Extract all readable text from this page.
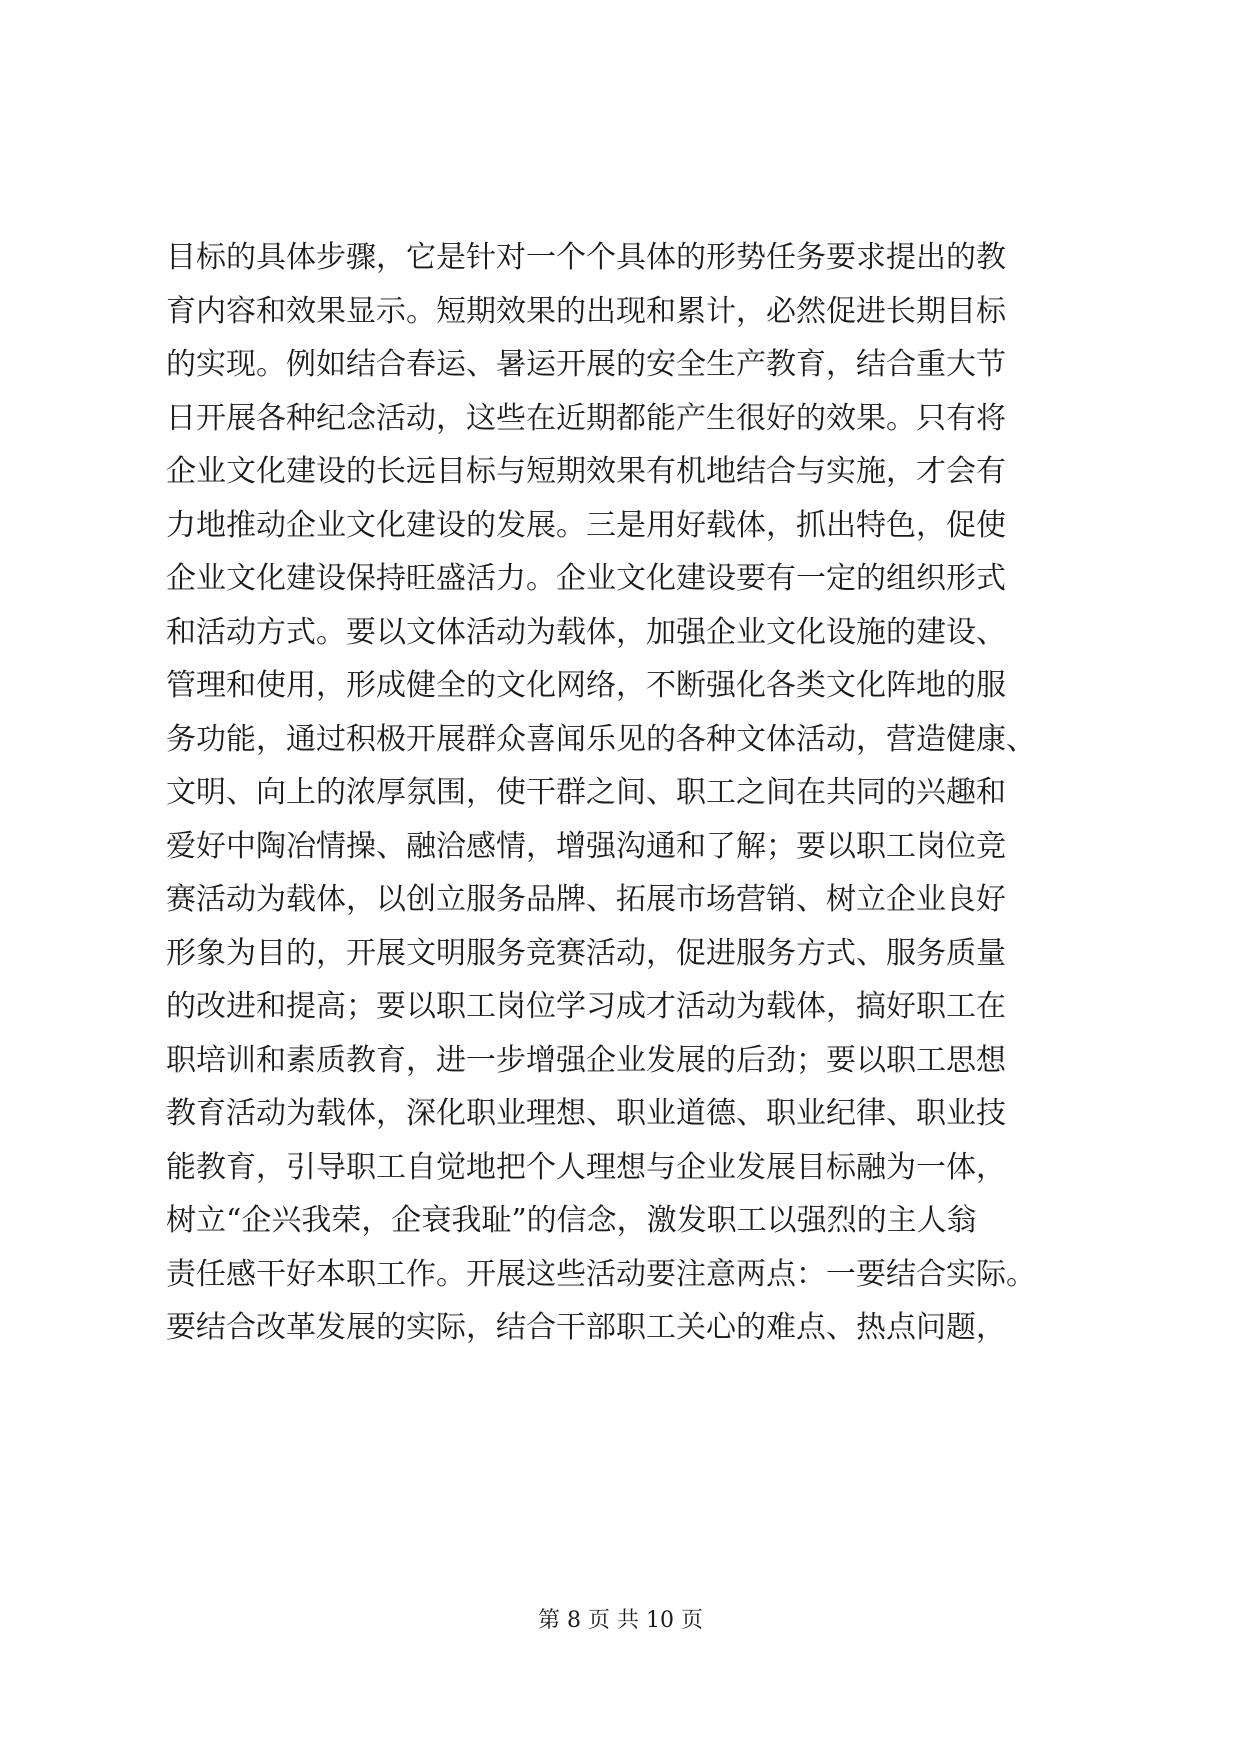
目标的具体步骤，它是针对一个个具体的形势任务要求提出的教
育内容和效果显示。短期效果的出现和累计，必然促进长期目标
的实现。例如结合春运、暑运开展的安全生产教育，结合重大节
日开展各种纪念活动，这些在近期都能产生很好的效果。只有将
企业文化建设的长远目标与短期效果有机地结合与实施，才会有
力地推动企业文化建设的发展。三是用好载体，抓出特色，促使
企业文化建设保持旺盛活力。企业文化建设要有一定的组织形式
和活动方式。要以文体活动为载体，加强企业文化设施的建设、
管理和使用，形成健全的文化网络，不断强化各类文化阵地的服
务功能，通过积极开展群众喜闻乐见的各种文体活动，营造健康、
文明、向上的浓厚氛围，使干群之间、职工之间在共同的兴趣和
爱好中陶冶情操、融洽感情，增强沟通和了解；要以职工岗位竞
赛活动为载体，以创立服务品牌、拓展市场营销、树立企业良好
形象为目的，开展文明服务竞赛活动，促进服务方式、服务质量
的改进和提高；要以职工岗位学习成才活动为载体，搞好职工在
职培训和素质教育，进一步增强企业发展的后劲；要以职工思想
教育活动为载体，深化职业理想、职业道德、职业纪律、职业技
能教育，引导职工自觉地把个人理想与企业发展目标融为一体，
树立“企兴我荣，企衰我耻”的信念，激发职工以强烈的主人翁
责任感干好本职工作。开展这些活动要注意两点：一要结合实际。
要结合改革发展的实际，结合干部职工关心的难点、热点问题，
第 8 页 共 10 页
